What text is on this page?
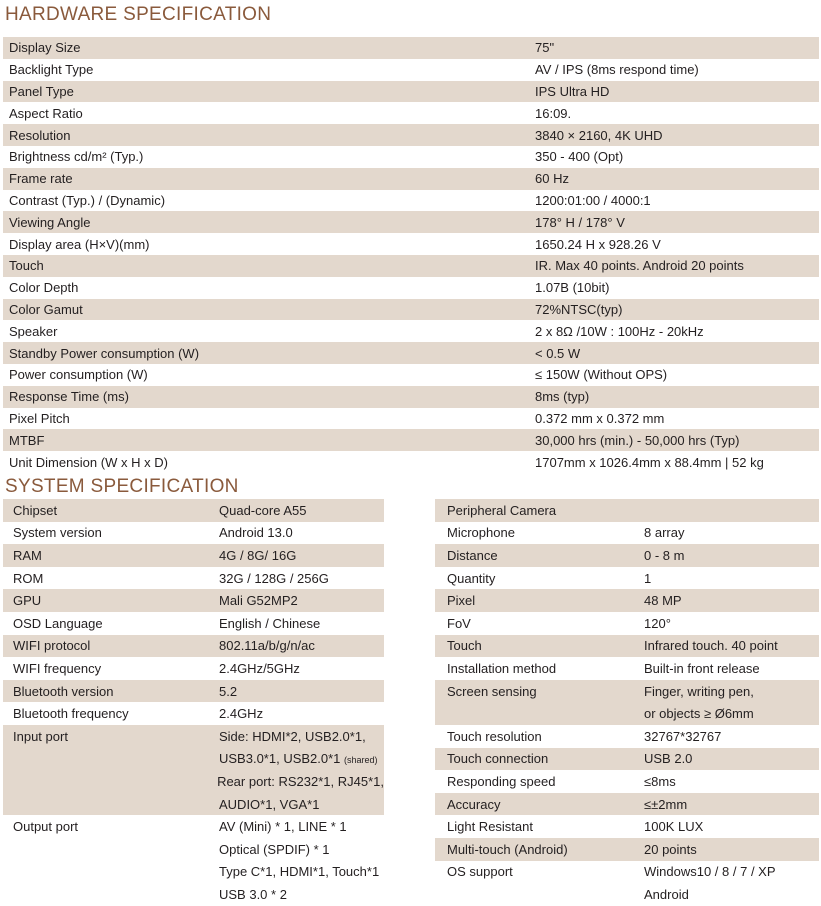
HARDWARE SPECIFICATION
Display Size	75"
Backlight Type	AV / IPS (8ms respond time)
Panel Type	IPS Ultra HD
Aspect Ratio	16:09.
Resolution	3840 × 2160, 4K UHD
Brightness cd/m² (Typ.)	350 - 400 (Opt)
Frame rate	60 Hz
Contrast (Typ.) / (Dynamic)	1200:01:00 / 4000:1
Viewing Angle	178° H / 178° V
Display area (H×V)(mm)	1650.24 H x 928.26 V
Touch	IR. Max 40 points. Android 20 points
Color Depth	1.07B (10bit)
Color Gamut	72%NTSC(typ)
Speaker	2 x 8Ω /10W : 100Hz - 20kHz
Standby Power consumption (W)	< 0.5 W
Power consumption (W)	≤ 150W (Without OPS)
Response Time (ms)	8ms (typ)
Pixel Pitch	0.372 mm x 0.372 mm
MTBF	30,000 hrs (min.) - 50,000 hrs (Typ)
Unit Dimension (W x H x D)	1707mm x 1026.4mm x 88.4mm | 52 kg
SYSTEM SPECIFICATION
Chipset	Quad-core A55
System version	Android 13.0
RAM	4G / 8G/ 16G
ROM	32G / 128G / 256G
GPU	Mali G52MP2
OSD Language	English / Chinese
WIFI protocol	802.11a/b/g/n/ac
WIFI frequency	2.4GHz/5GHz
Bluetooth version	5.2
Bluetooth frequency	2.4GHz
Input port	Side: HDMI*2, USB2.0*1,
USB3.0*1, USB2.0*1 (shared)
Rear port: RS232*1, RJ45*1,
AUDIO*1, VGA*1
Output port	AV (Mini) * 1, LINE * 1
Optical (SPDIF) * 1
Type C*1, HDMI*1, Touch*1
USB 3.0 * 2
Peripheral Camera
Microphone	8 array
Distance	0 - 8 m
Quantity	1
Pixel	48 MP
FoV	120°
Touch	Infrared touch. 40 point
Installation method	Built-in front release
Screen sensing	Finger, writing pen,
or objects ≥ Ø6mm
Touch resolution	32767*32767
Touch connection	USB 2.0
Responding speed	≤8ms
Accuracy	≤±2mm
Light Resistant	100K LUX
Multi-touch (Android)	20 points
OS support	Windows10 / 8 / 7 / XP
Android
